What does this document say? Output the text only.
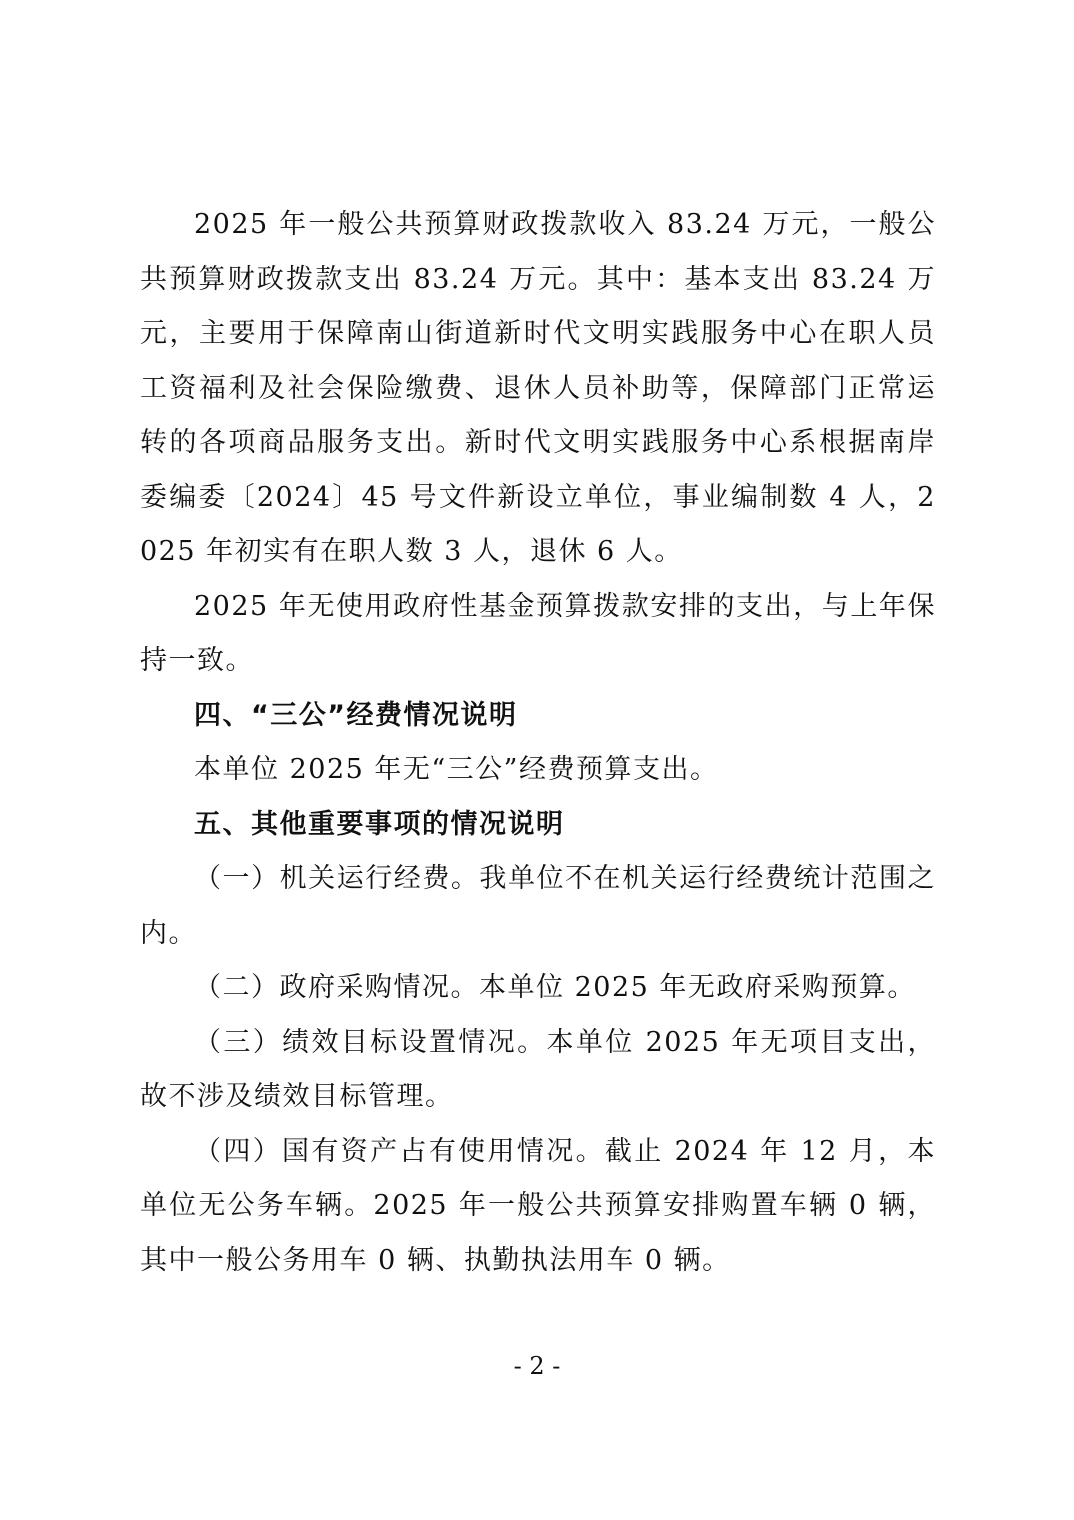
2025 年一般公共预算财政拨款收入 83.24 万元，一般公共预算财政拨款支出 83.24 万元。其中：基本支出 83.24 万元，主要用于保障南山街道新时代文明实践服务中心在职人员工资福利及社会保险缴费、退休人员补助等，保障部门正常运转的各项商品服务支出。新时代文明实践服务中心系根据南岸委编委〔2024〕45 号文件新设立单位，事业编制数 4 人，2025 年初实有在职人数 3 人，退休 6 人。

2025 年无使用政府性基金预算拨款安排的支出，与上年保持一致。

四、“三公”经费情况说明

本单位 2025 年无“三公”经费预算支出。

五、其他重要事项的情况说明

（一）机关运行经费。我单位不在机关运行经费统计范围之内。

（二）政府采购情况。本单位 2025 年无政府采购预算。

（三）绩效目标设置情况。本单位 2025 年无项目支出，故不涉及绩效目标管理。

（四）国有资产占有使用情况。截止 2024 年 12 月，本单位无公务车辆。2025 年一般公共预算安排购置车辆 0 辆，其中一般公务用车 0 辆、执勤执法用车 0 辆。

- 2 -
